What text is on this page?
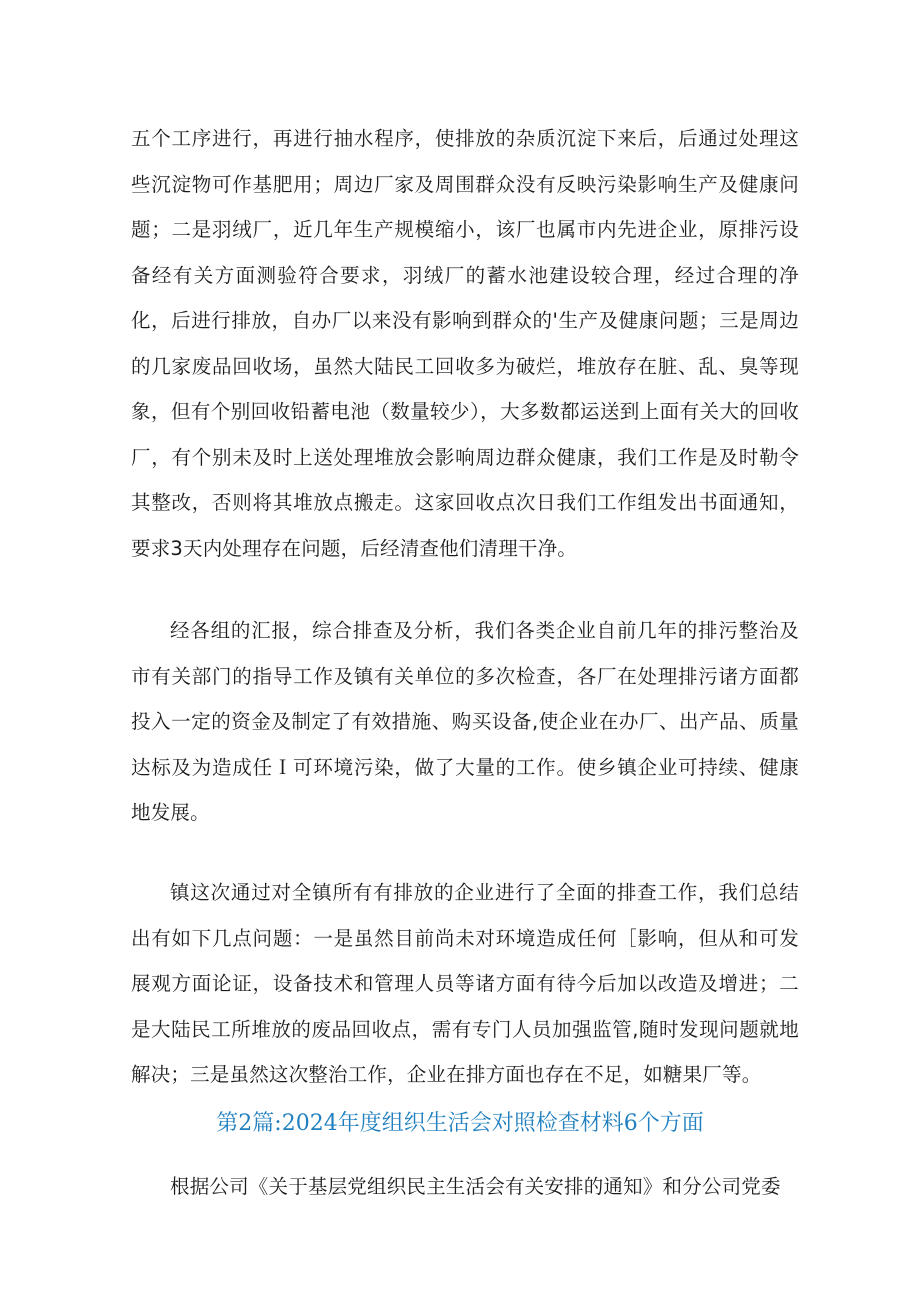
五个工序进行，再进行抽水程序，使排放的杂质沉淀下来后，后通过处理这些沉淀物可作基肥用；周边厂家及周围群众没有反映污染影响生产及健康问题；二是羽绒厂，近几年生产规模缩小，该厂也属市内先进企业，原排污设备经有关方面测验符合要求，羽绒厂的蓄水池建设较合理，经过合理的净化，后进行排放，自办厂以来没有影响到群众的'生产及健康问题；三是周边的几家废品回收场，虽然大陆民工回收多为破烂，堆放存在脏、乱、臭等现象，但有个别回收铅蓄电池（数量较少），大多数都运送到上面有关大的回收厂，有个别未及时上送处理堆放会影响周边群众健康，我们工作是及时勒令其整改，否则将其堆放点搬走。这家回收点次日我们工作组发出书面通知，要求3天内处理存在问题，后经清查他们清理干净。

经各组的汇报，综合排查及分析，我们各类企业自前几年的排污整治及市有关部门的指导工作及镇有关单位的多次检查，各厂在处理排污诸方面都投入一定的资金及制定了有效措施、购买设备,使企业在办厂、出产品、质量达标及为造成任Ｉ可环境污染，做了大量的工作。使乡镇企业可持续、健康地发展。

镇这次通过对全镇所有有排放的企业进行了全面的排查工作，我们总结出有如下几点问题：一是虽然目前尚未对环境造成任何［影响，但从和可发展观方面论证，设备技术和管理人员等诸方面有待今后加以改造及增进；二是大陆民工所堆放的废品回收点，需有专门人员加强监管,随时发现问题就地解决；三是虽然这次整治工作，企业在排方面也存在不足，如糖果厂等。

第2篇:2024年度组织生活会对照检查材料6个方面

根据公司《关于基层党组织民主生活会有关安排的通知》和分公司党委
